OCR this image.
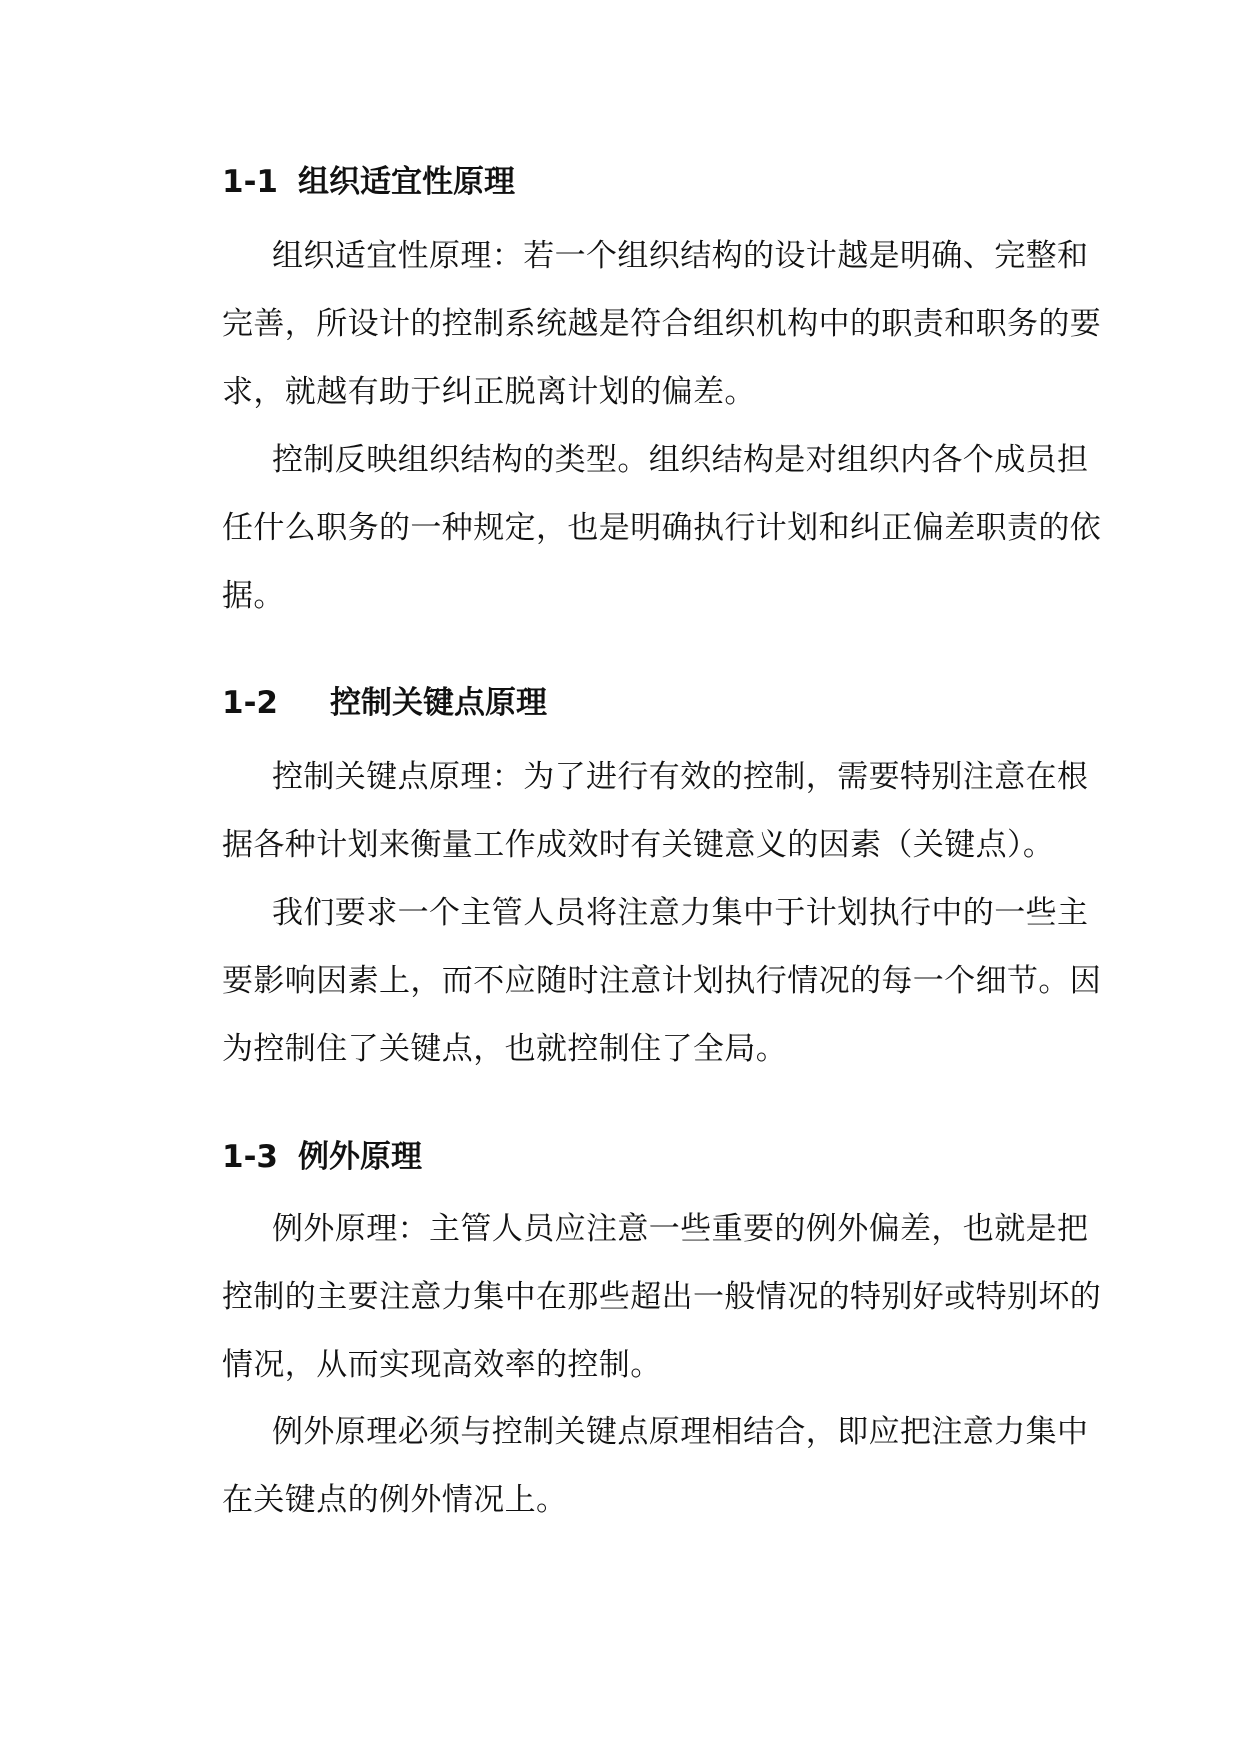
1-1 组织适宜性原理

组织适宜性原理：若一个组织结构的设计越是明确、完整和完善，所设计的控制系统越是符合组织机构中的职责和职务的要求，就越有助于纠正脱离计划的偏差。

控制反映组织结构的类型。组织结构是对组织内各个成员担任什么职务的一种规定，也是明确执行计划和纠正偏差职责的依据。

1-2 控制关键点原理

控制关键点原理：为了进行有效的控制，需要特别注意在根据各种计划来衡量工作成效时有关键意义的因素（关键点）。

我们要求一个主管人员将注意力集中于计划执行中的一些主要影响因素上，而不应随时注意计划执行情况的每一个细节。因为控制住了关键点，也就控制住了全局。

1-3 例外原理

例外原理：主管人员应注意一些重要的例外偏差，也就是把控制的主要注意力集中在那些超出一般情况的特别好或特别坏的情况，从而实现高效率的控制。

例外原理必须与控制关键点原理相结合，即应把注意力集中在关键点的例外情况上。
